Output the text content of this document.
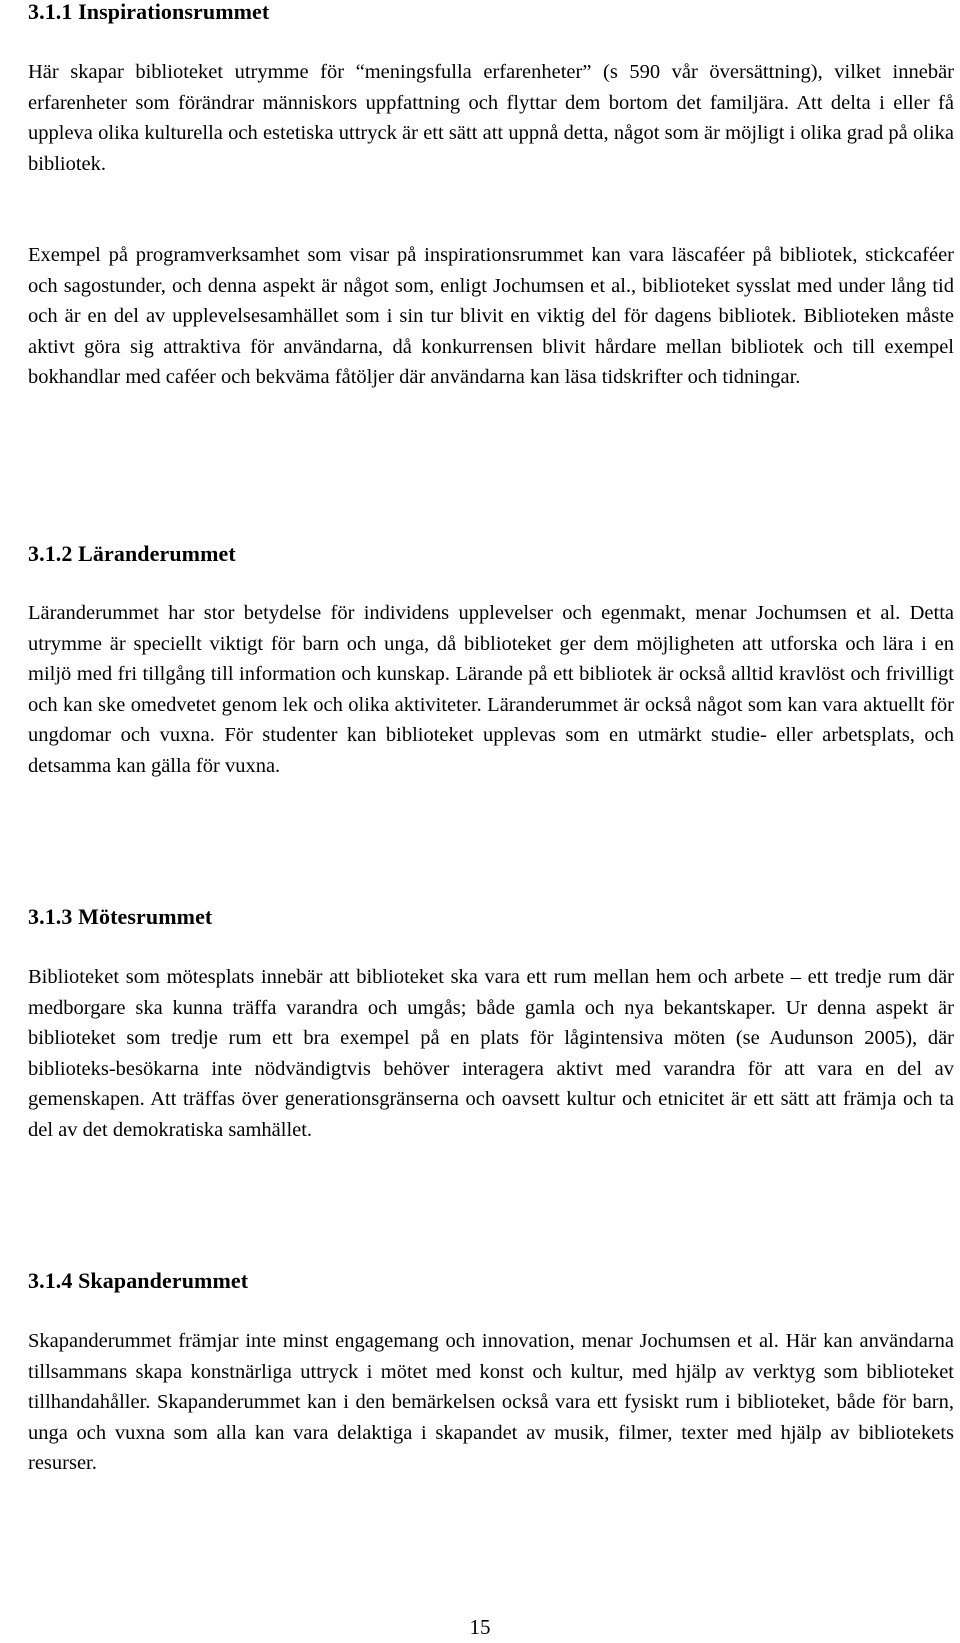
3.1.1 Inspirationsrummet

Här skapar biblioteket utrymme för “meningsfulla erfarenheter” (s 590 vår översättning), vilket innebär erfarenheter som förändrar människors uppfattning och flyttar dem bortom det familjära. Att delta i eller få uppleva olika kulturella och estetiska uttryck är ett sätt att uppnå detta, något som är möjligt i olika grad på olika bibliotek.

Exempel på programverksamhet som visar på inspirationsrummet kan vara läscaféer på bibliotek, stickcaféer och sagostunder, och denna aspekt är något som, enligt Jochumsen et al., biblioteket sysslat med under lång tid och är en del av upplevelsesamhället som i sin tur blivit en viktig del för dagens bibliotek. Biblioteken måste aktivt göra sig attraktiva för användarna, då konkurrensen blivit hårdare mellan bibliotek och till exempel bokhandlar med caféer och bekväma fåtöljer där användarna kan läsa tidskrifter och tidningar.

3.1.2 Läranderummet

Läranderummet har stor betydelse för individens upplevelser och egenmakt, menar Jochumsen et al. Detta utrymme är speciellt viktigt för barn och unga, då biblioteket ger dem möjligheten att utforska och lära i en miljö med fri tillgång till information och kunskap. Lärande på ett bibliotek är också alltid kravlöst och frivilligt och kan ske omedvetet genom lek och olika aktiviteter. Läranderummet är också något som kan vara aktuellt för ungdomar och vuxna. För studenter kan biblioteket upplevas som en utmärkt studie- eller arbetsplats, och detsamma kan gälla för vuxna.

3.1.3 Mötesrummet

Biblioteket som mötesplats innebär att biblioteket ska vara ett rum mellan hem och arbete – ett tredje rum där medborgare ska kunna träffa varandra och umgås; både gamla och nya bekantskaper. Ur denna aspekt är biblioteket som tredje rum ett bra exempel på en plats för lågintensiva möten (se Audunson 2005), där biblioteks-besökarna inte nödvändigtvis behöver interagera aktivt med varandra för att vara en del av gemenskapen. Att träffas över generationsgränserna och oavsett kultur och etnicitet är ett sätt att främja och ta del av det demokratiska samhället.

3.1.4 Skapanderummet

Skapanderummet främjar inte minst engagemang och innovation, menar Jochumsen et al. Här kan användarna tillsammans skapa konstnärliga uttryck i mötet med konst och kultur, med hjälp av verktyg som biblioteket tillhandahåller. Skapanderummet kan i den bemärkelsen också vara ett fysiskt rum i biblioteket, både för barn, unga och vuxna som alla kan vara delaktiga i skapandet av musik, filmer, texter med hjälp av bibliotekets resurser.

15
